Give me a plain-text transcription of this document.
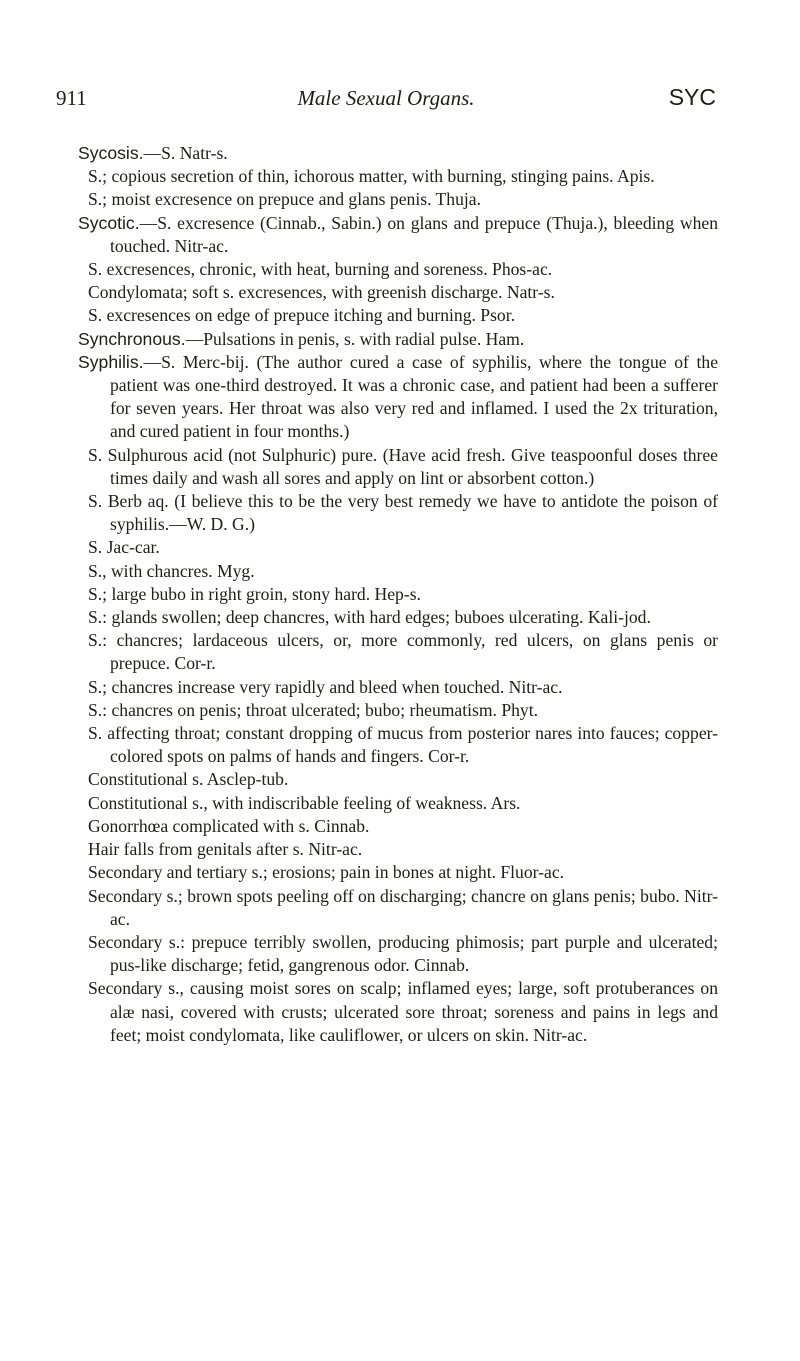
911	Male Sexual Organs.	SYC

Sycosis.—S. Natr-s.

S.; copious secretion of thin, ichorous matter, with burning, stinging pains. Apis.

S.; moist excresence on prepuce and glans penis. Thuja.

Sycotic.—S. excresence (Cinnab., Sabin.) on glans and prepuce (Thuja.), bleeding when touched. Nitr-ac.

S. excresences, chronic, with heat, burning and soreness. Phos-ac.

Condylomata; soft s. excresences, with greenish discharge. Natr-s.

S. excresences on edge of prepuce itching and burning. Psor.

Synchronous.—Pulsations in penis, s. with radial pulse. Ham.

Syphilis.—S. Merc-bij. (The author cured a case of syphilis, where the tongue of the patient was one-third destroyed. It was a chronic case, and patient had been a sufferer for seven years. Her throat was also very red and inflamed. I used the 2x trituration, and cured patient in four months.)

S. Sulphurous acid (not Sulphuric) pure. (Have acid fresh. Give teaspoonful doses three times daily and wash all sores and apply on lint or absorbent cotton.)

S. Berb aq. (I believe this to be the very best remedy we have to antidote the poison of syphilis.—W. D. G.)

S. Jac-car.

S., with chancres. Myg.

S.; large bubo in right groin, stony hard. Hep-s.

S.: glands swollen; deep chancres, with hard edges; buboes ulcerating. Kali-jod.

S.: chancres; lardaceous ulcers, or, more commonly, red ulcers, on glans penis or prepuce. Cor-r.

S.; chancres increase very rapidly and bleed when touched. Nitr-ac.

S.: chancres on penis; throat ulcerated; bubo; rheumatism. Phyt.

S. affecting throat; constant dropping of mucus from posterior nares into fauces; copper-colored spots on palms of hands and fingers. Cor-r.

Constitutional s. Asclep-tub.

Constitutional s., with indiscribable feeling of weakness. Ars.

Gonorrhœa complicated with s. Cinnab.

Hair falls from genitals after s. Nitr-ac.

Secondary and tertiary s.; erosions; pain in bones at night. Fluor-ac.

Secondary s.; brown spots peeling off on discharging; chancre on glans penis; bubo. Nitr-ac.

Secondary s.: prepuce terribly swollen, producing phimosis; part purple and ulcerated; pus-like discharge; fetid, gangrenous odor. Cinnab.

Secondary s., causing moist sores on scalp; inflamed eyes; large, soft protuberances on alæ nasi, covered with crusts; ulcerated sore throat; soreness and pains in legs and feet; moist condylomata, like cauliflower, or ulcers on skin. Nitr-ac.
